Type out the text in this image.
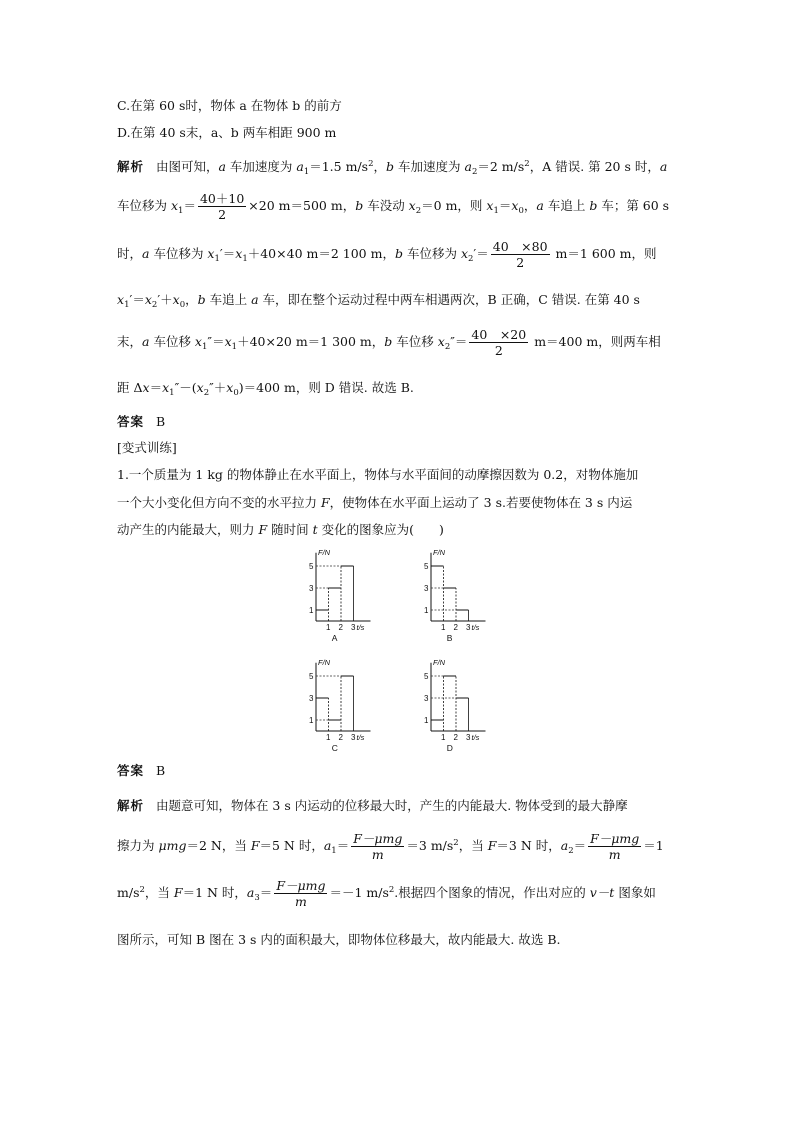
C.在第 60 s时，物体 a 在物体 b 的前方
D.在第 40 s末，a、b 两车相距 900 m
解析 由图可知，a 车加速度为 $a_1=1.5$ $m/s^2$，b 车加速度为 $a_2=2$ $m/s^2$，A 错误. 第 20 s 时，a
车位移为 $x_1= \frac{40+10}{2} \times 20$ m＝500 m，b 车没动 $x_2=0$ m，则 $x_1=x_0$，a 车追上 b 车；第 60 s
时，a 车位移为 $x_1'=x_1+40\times 40$ m＝2 100 m，b 车位移为 $x_2'= \frac{40 \times 80}{2} m=1$ 600 m，则
$x_1'=x_2'+x_0$，b 车追上 a 车，即在整个运动过程中两车相遇两次，B 正确，C 错误. 在第 40 s
末，a 车位移 $x_1''=x_1+40\times 20$ m＝1 300 m，b 车位移 $x_2''= \frac{40 \times 20}{2} m=400$ m，则两车相
距 $\Delta x=x_1''-(x_2''+x_0)=400$ m，则 D 错误. 故选 B.
答案 B
[变式训练]
1.一个质量为 1 kg 的物体静止在水平面上，物体与水平面间的动摩擦因数为 0.2，对物体施加
一个大小变化但方向不变的水平拉力 F，使物体在水平面上运动了 3 s.若要使物体在 3 s 内运
动产生的内能最大，则力 F 随时间 t 变化的图象应为(　　)
F/N
1
3
5
1 2 3 t/s
A
F/N
1
3
5
1 2 3 t/s
B
F/N
1
3
5
1 2 3 t/s
C
F/N
1
3
5
1 2 3 t/s
D
答案 B
解析 由题意可知，物体在 3 s 内运动的位移最大时，产生的内能最大. 物体受到的最大静摩
擦力为 μmg＝2 N，当 F＝5 N 时，$a_1= \frac{\text{F－μmg}}{m} =3$ $m/s^2$，当 F＝3 N 时，$a_2= \frac{\text{F－μmg}}{m} =1$
$m/s^2$，当 F＝1 N 时，$a_3= \frac{\text{F－μmg}}{m} =-1$ $m/s^2$.根据四个图象的情况，作出对应的 v－t 图象如
图所示，可知 B 图在 3 s 内的面积最大，即物体位移最大，故内能最大. 故选 B.
